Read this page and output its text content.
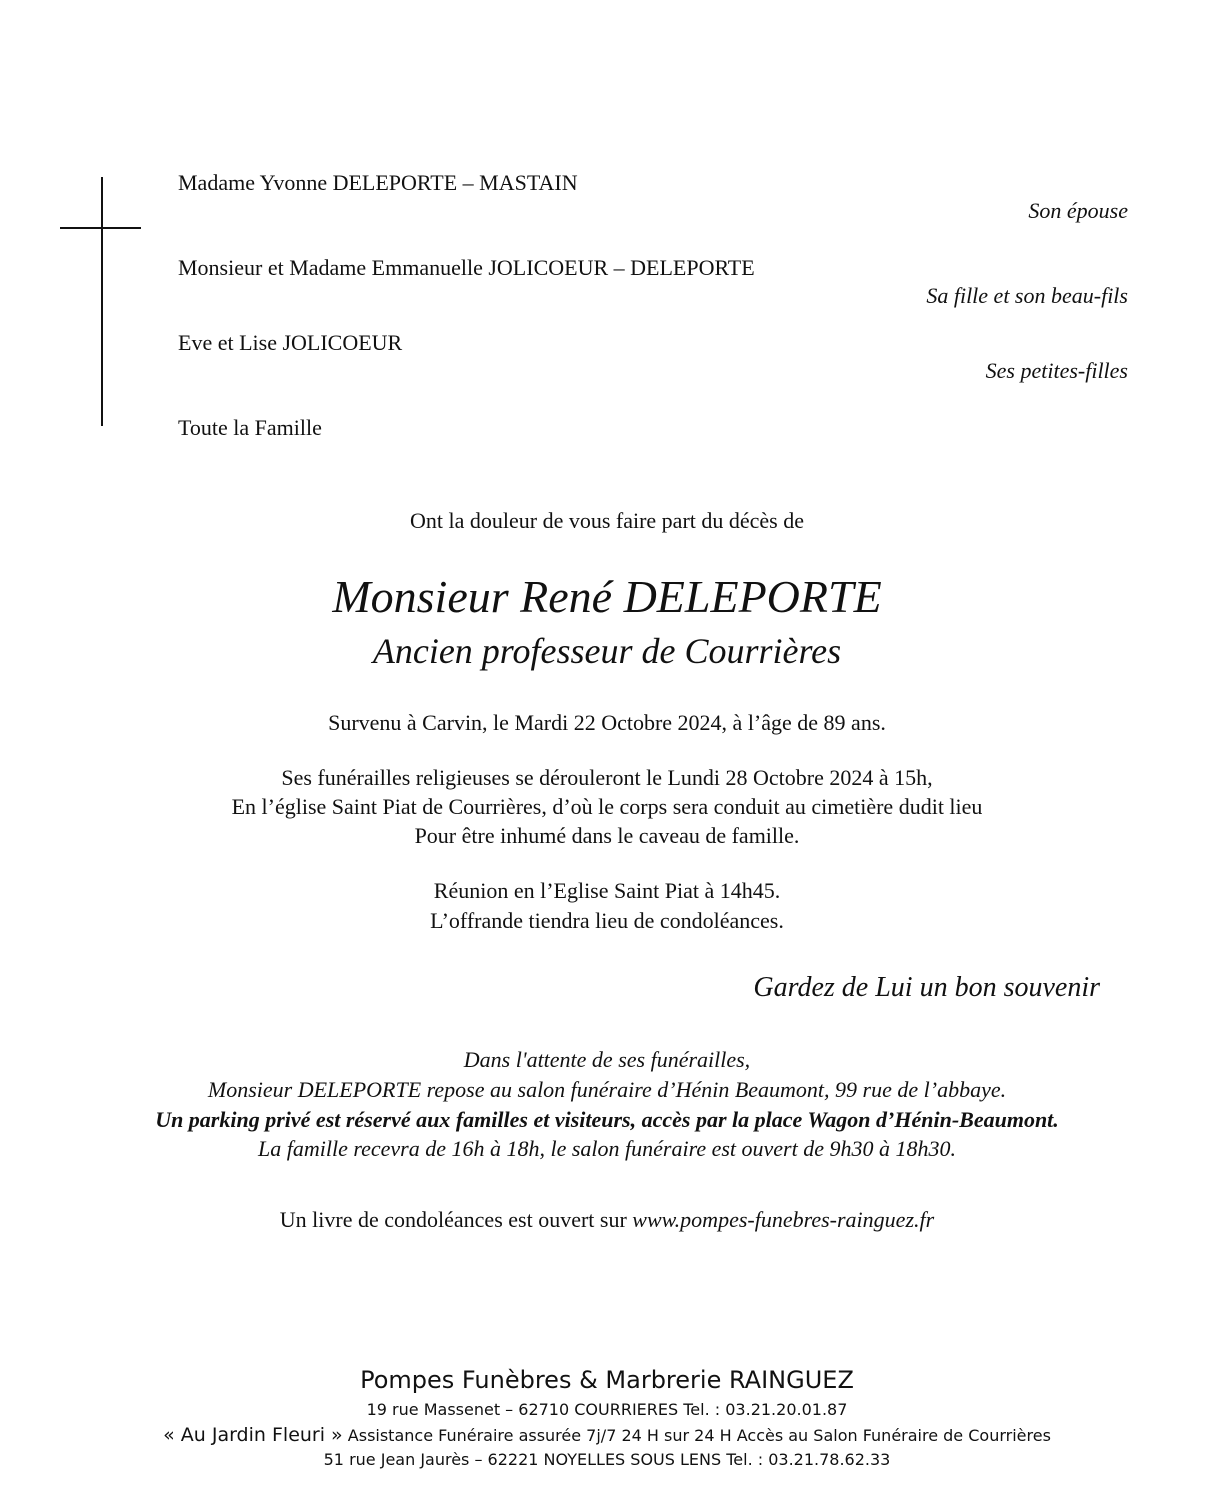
Madame Yvonne DELEPORTE – MASTAIN
Son épouse
Monsieur et Madame Emmanuelle JOLICOEUR – DELEPORTE
Sa fille et son beau-fils
Eve et Lise JOLICOEUR
Ses petites-filles
Toute la Famille
Ont la douleur de vous faire part du décès de
Monsieur René DELEPORTE
Ancien professeur de Courrières
Survenu à Carvin, le Mardi 22 Octobre 2024, à l’âge de 89 ans.
Ses funérailles religieuses se dérouleront le Lundi 28 Octobre 2024 à 15h,
En l’église Saint Piat de Courrières, d’où le corps sera conduit au cimetière dudit lieu
Pour être inhumé dans le caveau de famille.
Réunion en l’Eglise Saint Piat à 14h45.
L’offrande tiendra lieu de condoléances.
Gardez de Lui un bon souvenir
Dans l'attente de ses funérailles,
Monsieur DELEPORTE repose au salon funéraire d’Hénin Beaumont, 99 rue de l’abbaye.
Un parking privé est réservé aux familles et visiteurs, accès par la place Wagon d’Hénin-Beaumont.
La famille recevra de 16h à 18h, le salon funéraire est ouvert de 9h30 à 18h30.
Un livre de condoléances est ouvert sur www.pompes-funebres-rainguez.fr
Pompes Funèbres & Marbrerie RAINGUEZ
19 rue Massenet – 62710 COURRIERES Tel. : 03.21.20.01.87
« Au Jardin Fleuri » Assistance Funéraire assurée 7j/7 24 H sur 24 H Accès au Salon Funéraire de Courrières
51 rue Jean Jaurès – 62221 NOYELLES SOUS LENS Tel. : 03.21.78.62.33
